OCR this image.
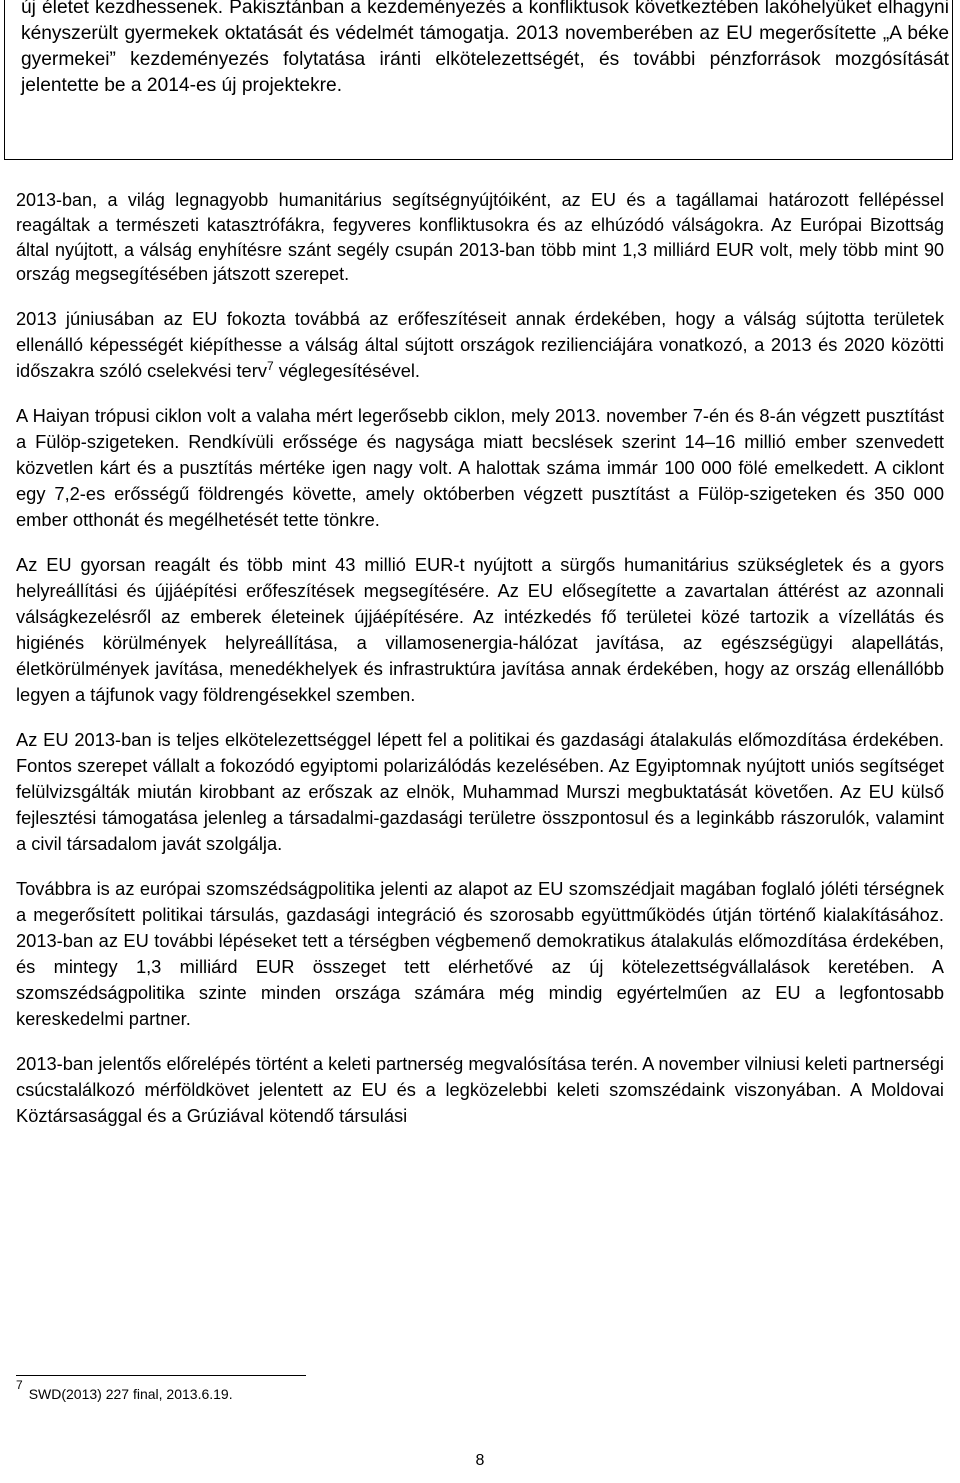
új életet kezdhessenek. Pakisztánban a kezdeményezés a konfliktusok következtében lakóhelyüket elhagyni kényszerült gyermekek oktatását és védelmét támogatja. 2013 novemberében az EU megerősítette „A béke gyermekei” kezdeményezés folytatása iránti elkötelezettségét, és további pénzforrások mozgósítását jelentette be a 2014-es új projektekre.

2013-ban, a világ legnagyobb humanitárius segítségnyújtóiként, az EU és a tagállamai határozott fellépéssel reagáltak a természeti katasztrófákra, fegyveres konfliktusokra és az elhúzódó válságokra. Az Európai Bizottság által nyújtott, a válság enyhítésre szánt segély csupán 2013-ban több mint 1,3 milliárd EUR volt, mely több mint 90 ország megsegítésében játszott szerepet.

2013 júniusában az EU fokozta továbbá az erőfeszítéseit annak érdekében, hogy a válság sújtotta területek ellenálló képességét kiépíthesse a válság által sújtott országok rezilienciájára vonatkozó, a 2013 és 2020 közötti időszakra szóló cselekvési terv$^7$ véglegesítésével.

A Haiyan trópusi ciklon volt a valaha mért legerősebb ciklon, mely 2013. november 7-én és 8-án végzett pusztítást a Fülöp-szigeteken. Rendkívüli erőssége és nagysága miatt becslések szerint 14–16 millió ember szenvedett közvetlen kárt és a pusztítás mértéke igen nagy volt. A halottak száma immár 100 000 fölé emelkedett. A ciklont egy 7,2-es erősségű földrengés követte, amely októberben végzett pusztítást a Fülöp-szigeteken és 350 000 ember otthonát és megélhetését tette tönkre.

Az EU gyorsan reagált és több mint 43 millió EUR-t nyújtott a sürgős humanitárius szükségletek és a gyors helyreállítási és újjáépítési erőfeszítések megsegítésére. Az EU elősegítette a zavartalan áttérést az azonnali válságkezelésről az emberek életeinek újjáépítésére. Az intézkedés fő területei közé tartozik a vízellátás és higiénés körülmények helyreállítása, a villamosenergia-hálózat javítása, az egészségügyi alapellátás, életkörülmények javítása, menedékhelyek és infrastruktúra javítása annak érdekében, hogy az ország ellenállóbb legyen a tájfunok vagy földrengésekkel szemben.

Az EU 2013-ban is teljes elkötelezettséggel lépett fel a politikai és gazdasági átalakulás előmozdítása érdekében. Fontos szerepet vállalt a fokozódó egyiptomi polarizálódás kezelésében. Az Egyiptomnak nyújtott uniós segítséget felülvizsgálták miután kirobbant az erőszak az elnök, Muhammad Murszi megbuktatását követően. Az EU külső fejlesztési támogatása jelenleg a társadalmi-gazdasági területre összpontosul és a leginkább rászorulók, valamint a civil társadalom javát szolgálja.

Továbbra is az európai szomszédságpolitika jelenti az alapot az EU szomszédjait magában foglaló jóléti térségnek a megerősített politikai társulás, gazdasági integráció és szorosabb együttműködés útján történő kialakításához. 2013-ban az EU további lépéseket tett a térségben végbemenő demokratikus átalakulás előmozdítása érdekében, és mintegy 1,3 milliárd EUR összeget tett elérhetővé az új kötelezettségvállalások keretében. A szomszédságpolitika szinte minden országa számára még mindig egyértelműen az EU a legfontosabb kereskedelmi partner.

2013-ban jelentős előrelépés történt a keleti partnerség megvalósítása terén. A november vilniusi keleti partnerségi csúcstalálkozó mérföldkövet jelentett az EU és a legközelebbi keleti szomszédaink viszonyában. A Moldovai Köztársasággal és a Grúziával kötendő társulási

$^7$SWD(2013) 227 final, 2013.6.19.
8
